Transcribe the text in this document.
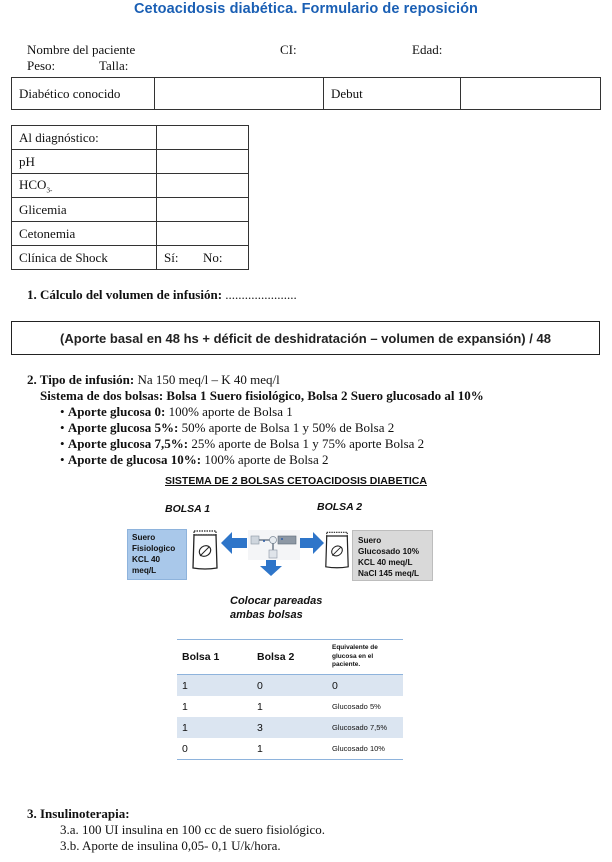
Cetoacidosis diabética. Formulario de reposición
Nombre del paciente	CI:	Edad:
Peso:	Talla:
Diabético conocido		Debut	
Al diagnóstico:	
pH	
$HCO_{3-}$	
Glicemia	
Cetonemia	
Clínica de Shock	Sí: No:
1. Cálculo del volumen de infusión: ......................
(Aporte basal en 48 hs + déficit de deshidratación – volumen de expansión) / 48
2. Tipo de infusión: Na 150 meq/l – K 40 meq/l
Sistema de dos bolsas: Bolsa 1 Suero fisiológico, Bolsa 2 Suero glucosado al 10%
• Aporte glucosa 0: 100% aporte de Bolsa 1
• Aporte glucosa 5%: 50% aporte de Bolsa 1 y 50% de Bolsa 2
• Aporte glucosa 7,5%: 25% aporte de Bolsa 1 y 75% aporte Bolsa 2
• Aporte de glucosa 10%: 100% aporte de Bolsa 2
SISTEMA DE 2 BOLSAS CETOACIDOSIS DIABETICA
BOLSA 1	BOLSA 2
Suero
Fisiologico
KCL 40
meq/L
Suero
Glucosado 10%
KCL 40 meq/L
NaCl 145 meq/L
Colocar pareadas
ambas bolsas
Bolsa 1	Bolsa 2	Equivalente de glucosa en el paciente.

1	0	0
1	1	Glucosado 5%
1	3	Glucosado 7,5%
0	1	Glucosado 10%
3. Insulinoterapia:
3.a. 100 UI insulina en 100 cc de suero fisiológico.
3.b. Aporte de insulina 0,05- 0,1 U/k/hora.
